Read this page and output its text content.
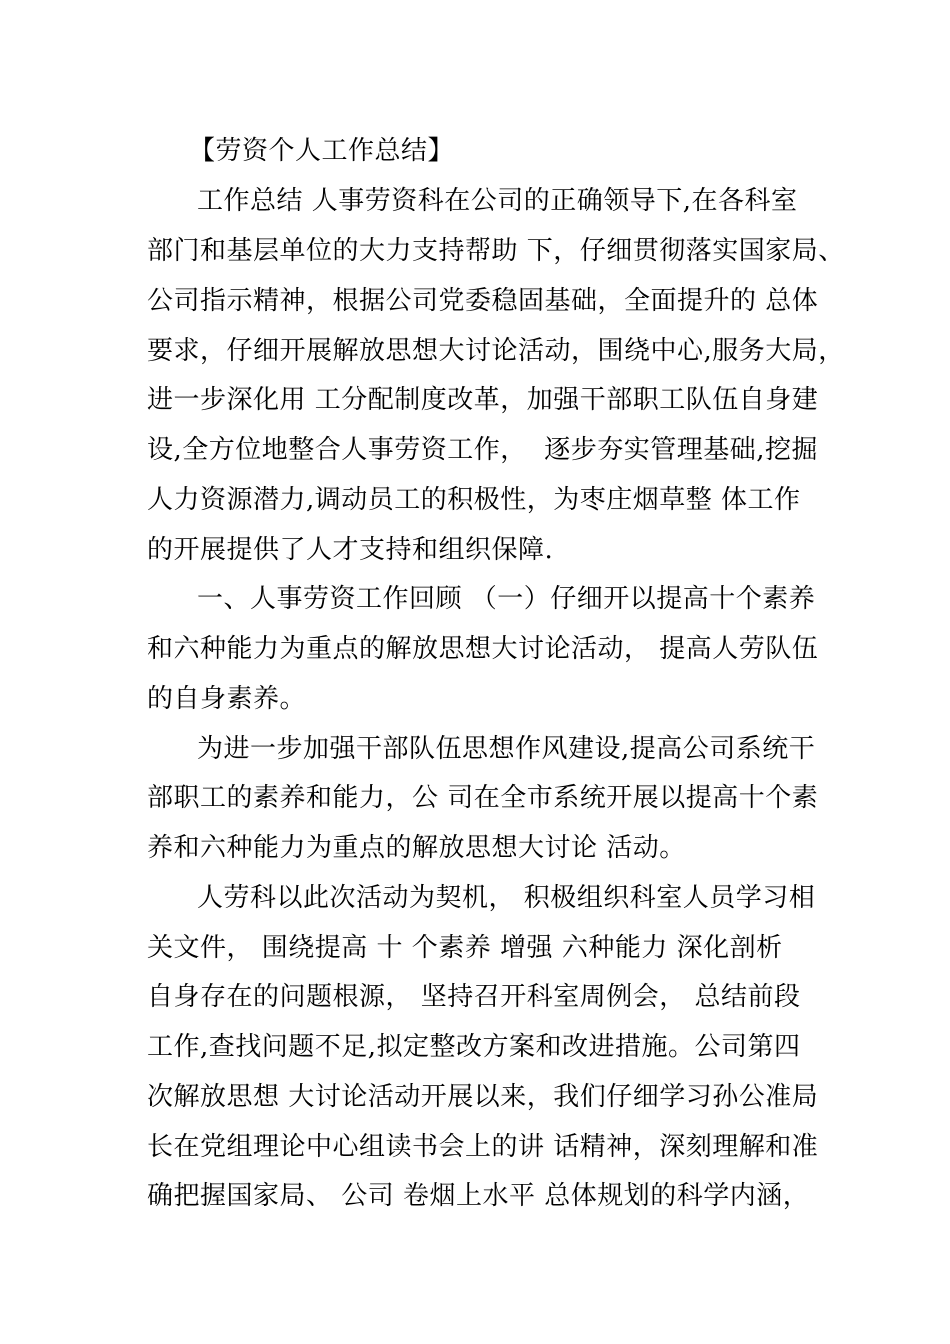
【劳资个人工作总结】
工作总结 人事劳资科在公司的正确领导下,在各科室
部门和基层单位的大力支持帮助 下，仔细贯彻落实国家局、
公司指示精神，根据公司党委稳固基础，全面提升的 总体
要求，仔细开展解放思想大讨论活动，围绕中心,服务大局，
进一步深化用 工分配制度改革，加强干部职工队伍自身建
设,全方位地整合人事劳资工作，  逐步夯实管理基础,挖掘
人力资源潜力,调动员工的积极性，为枣庄烟草整 体工作
的开展提供了人才支持和组织保障.
一、人事劳资工作回顾 （一）仔细开以提高十个素养
和六种能力为重点的解放思想大讨论活动， 提高人劳队伍
的自身素养。
为进一步加强干部队伍思想作风建设,提高公司系统干
部职工的素养和能力，公 司在全市系统开展以提高十个素
养和六种能力为重点的解放思想大讨论 活动。
人劳科以此次活动为契机， 积极组织科室人员学习相
关文件， 围绕提高 十 个素养 增强 六种能力 深化剖析
自身存在的问题根源， 坚持召开科室周例会， 总结前段
工作,查找问题不足,拟定整改方案和改进措施。公司第四
次解放思想 大讨论活动开展以来，我们仔细学习孙公准局
长在党组理论中心组读书会上的讲 话精神，深刻理解和准
确把握国家局、 公司 卷烟上水平 总体规划的科学内涵，
